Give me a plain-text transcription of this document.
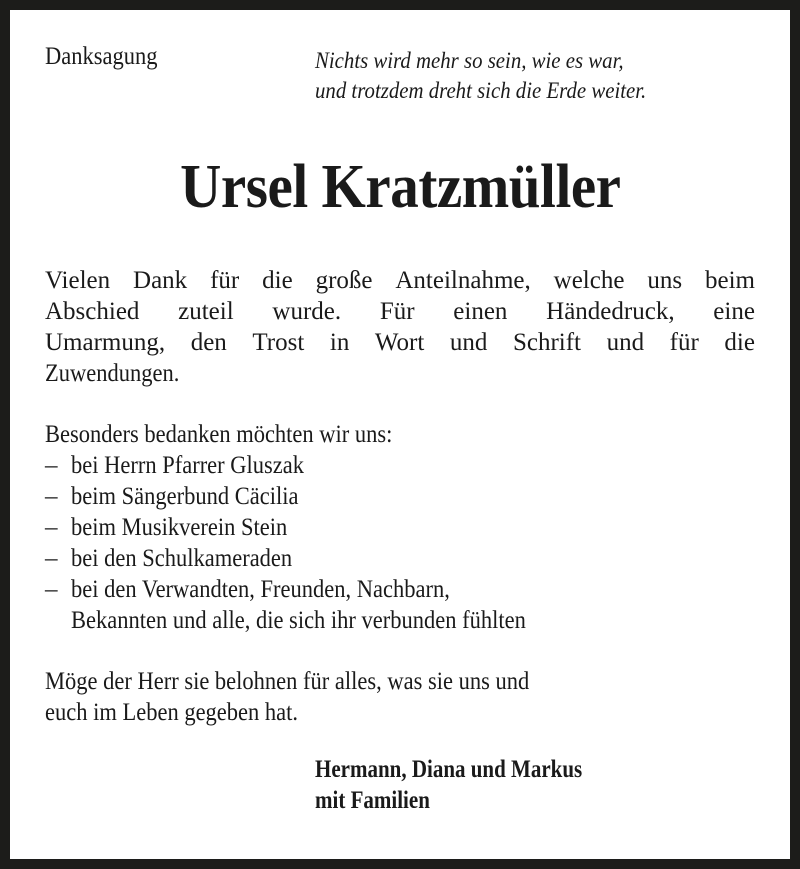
Danksagung	Nichts wird mehr so sein, wie es war,
und trotzdem dreht sich die Erde weiter.
Ursel Kratzmüller
Vielen Dank für die große Anteilnahme, welche uns beim
Abschied zuteil wurde. Für einen Händedruck, eine
Umarmung, den Trost in Wort und Schrift und für die
Zuwendungen.
Besonders bedanken möchten wir uns:
– bei Herrn Pfarrer Gluszak
– beim Sängerbund Cäcilia
– beim Musikverein Stein
– bei den Schulkameraden
– bei den Verwandten, Freunden, Nachbarn,
Bekannten und alle, die sich ihr verbunden fühlten
Möge der Herr sie belohnen für alles, was sie uns und
euch im Leben gegeben hat.
Hermann, Diana und Markus
mit Familien
